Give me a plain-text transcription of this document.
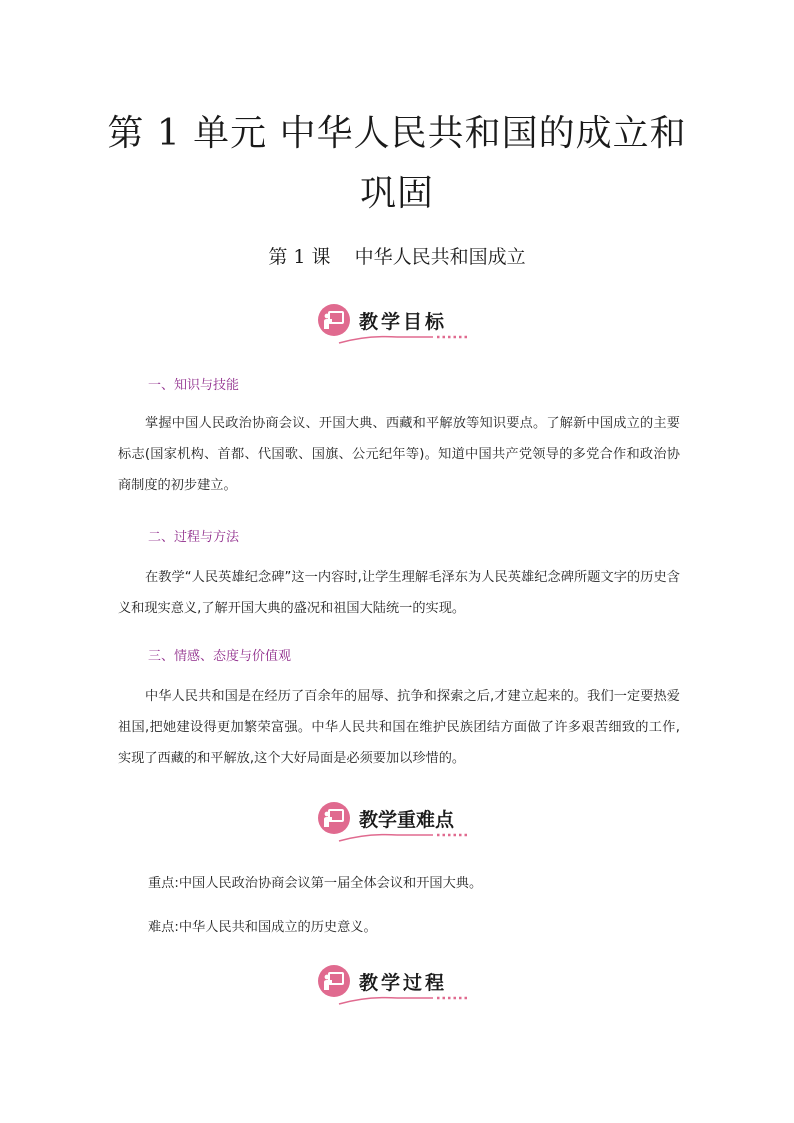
第 1 单元 中华人民共和国的成立和巩固
第 1 课    中华人民共和国成立
教学目标
一、知识与技能
掌握中国人民政治协商会议、开国大典、西藏和平解放等知识要点。了解新中国成立的主要标志(国家机构、首都、代国歌、国旗、公元纪年等)。知道中国共产党领导的多党合作和政治协商制度的初步建立。
二、过程与方法
在教学“人民英雄纪念碑”这一内容时,让学生理解毛泽东为人民英雄纪念碑所题文字的历史含义和现实意义,了解开国大典的盛况和祖国大陆统一的实现。
三、情感、态度与价值观
中华人民共和国是在经历了百余年的屈辱、抗争和探索之后,才建立起来的。我们一定要热爱祖国,把她建设得更加繁荣富强。中华人民共和国在维护民族团结方面做了许多艰苦细致的工作,实现了西藏的和平解放,这个大好局面是必须要加以珍惜的。
教学重难点
重点:中国人民政治协商会议第一届全体会议和开国大典。
难点:中华人民共和国成立的历史意义。
教学过程
